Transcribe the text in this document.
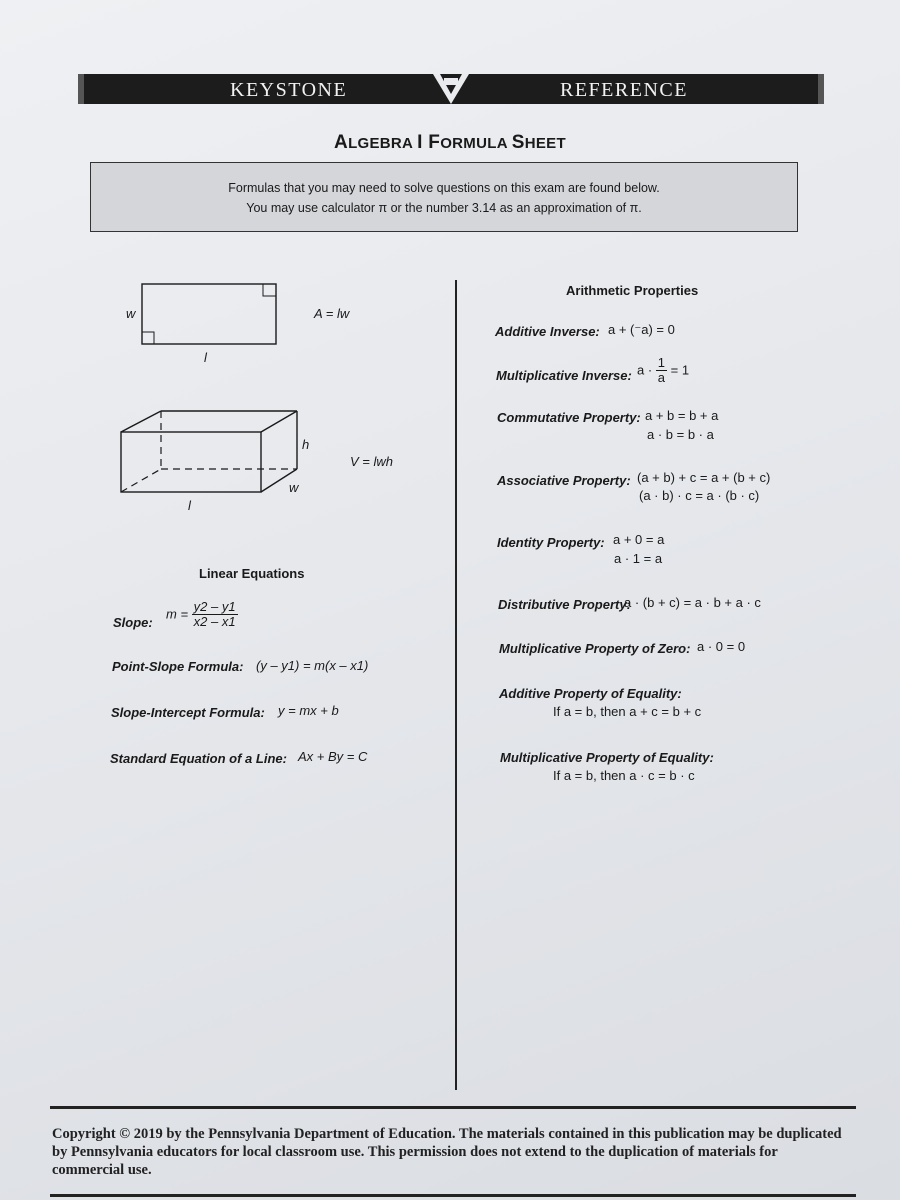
KEYSTONE	REFERENCE
ALGEBRA I FORMULA SHEET
Formulas that you may need to solve questions on this exam are found below.
You may use calculator π or the number 3.14 as an approximation of π.
w
l
A = lw
h
w
l
V = lwh
Linear Equations
Slope:
$m = \frac{y2 - y1}{x2 - x1}$
Point-Slope Formula: (y – y1) = m(x – x1)
Slope-Intercept Formula: y = mx + b
Standard Equation of a Line: Ax + By = C
Arithmetic Properties
Additive Inverse: a + (⁻a) = 0
Multiplicative Inverse: $a \cdot \frac{1}{a} = 1$
Commutative Property: a + b = b + a
a · b = b · a
Associative Property: (a + b) + c = a + (b + c)
(a · b) · c = a · (b · c)
Identity Property: a + 0 = a
a · 1 = a
Distributive Property:
a · (b + c) = a · b + a · c
Multiplicative Property of Zero: a · 0 = 0
Additive Property of Equality:
If a = b, then a + c = b + c
Multiplicative Property of Equality:
If a = b, then a · c = b · c
Copyright © 2019 by the Pennsylvania Department of Education. The materials contained in this publication may be duplicated by Pennsylvania educators for local classroom use. This permission does not extend to the duplication of materials for commercial use.
